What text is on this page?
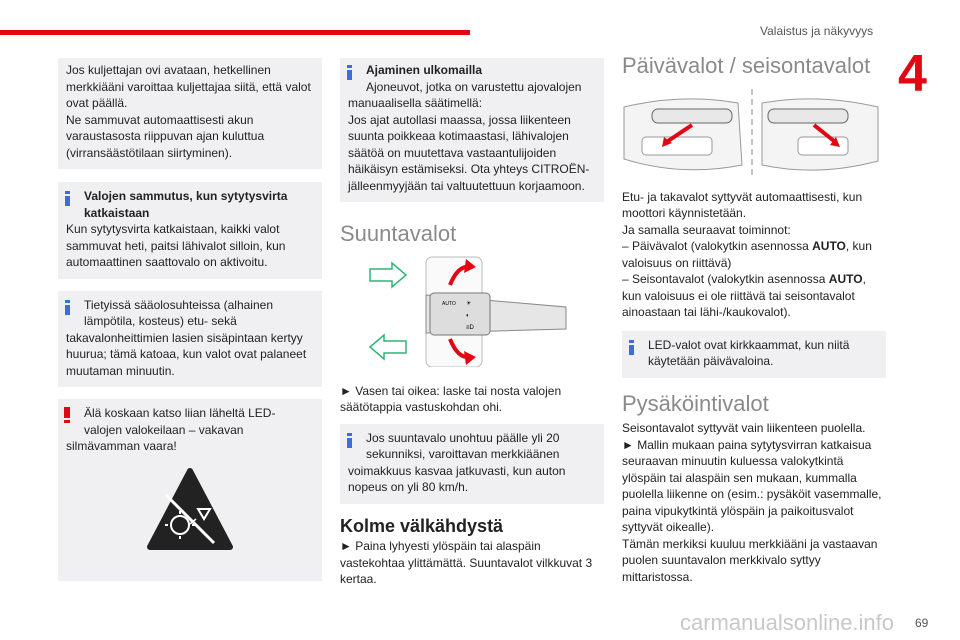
Valaistus ja näkyvyys
4

Jos kuljettajan ovi avataan, hetkellinen

merkkiääni varoittaa kuljettajaa siitä, että valot

ovat päällä.

Ne sammuvat automaattisesti akun

varaustasosta riippuvan ajan kuluttua

(virransäästötilaan siirtyminen).

Valojen sammutus, kun sytytysvirta

katkaistaan

Kun sytytysvirta katkaistaan, kaikki valot

sammuvat heti, paitsi lähivalot silloin, kun

automaattinen saattovalo on aktivoitu.

Tietyissä sääolosuhteissa (alhainen

lämpötila, kosteus) etu- sekä

takavalonheittimien lasien sisäpintaan kertyy

huurua; tämä katoaa, kun valot ovat palaneet

muutaman minuutin.

Älä koskaan katso liian läheltä LED-

valojen valokeilaan – vakavan

silmävamman vaara!

Ajaminen ulkomailla

Ajoneuvot, jotka on varustettu ajovalojen

manuaalisella säätimellä:

Jos ajat autollasi maassa, jossa liikenteen

suunta poikkeaa kotimaastasi, lähivalojen

säätöä on muutettava vastaantulijoiden

häikäisyn estämiseksi. Ota yhteys CITROËN-

jälleenmyyjään tai valtuutettuun korjaamoon.

Suuntavalot
AUTO ☀
◐
≡D

► Vasen tai oikea: laske tai nosta valojen

säätötappia vastuskohdan ohi.

Jos suuntavalo unohtuu päälle yli 20

sekunniksi, varoittavan merkkiäänen

voimakkuus kasvaa jatkuvasti, kun auton

nopeus on yli 80 km/h.

Kolme välkähdystä

► Paina lyhyesti ylöspäin tai alaspäin

vastekohtaa ylittämättä. Suuntavalot vilkkuvat 3

kertaa.

Päivävalot / seisontavalot

Etu- ja takavalot syttyvät automaattisesti, kun

moottori käynnistetään.

Ja samalla seuraavat toiminnot:

– Päivävalot (valokytkin asennossa AUTO, kun

valoisuus on riittävä)

– Seisontavalot (valokytkin asennossa AUTO,

kun valoisuus ei ole riittävä tai seisontavalot

ainoastaan tai lähi-/kaukovalot).

LED-valot ovat kirkkaammat, kun niitä

käytetään päivävaloina.

Pysäköintivalot

Seisontavalot syttyvät vain liikenteen puolella.

► Mallin mukaan paina sytytysvirran katkaisua

seuraavan minuutin kuluessa valokytkintä

ylöspäin tai alaspäin sen mukaan, kummalla

puolella liikenne on (esim.: pysäköit vasemmalle,

paina vipukytkintä ylöspäin ja paikoitusvalot

syttyvät oikealle).

Tämän merkiksi kuuluu merkkiääni ja vastaavan

puolen suuntavalon merkkivalo syttyy

mittaristossa.

carmanualsonline.info 69
